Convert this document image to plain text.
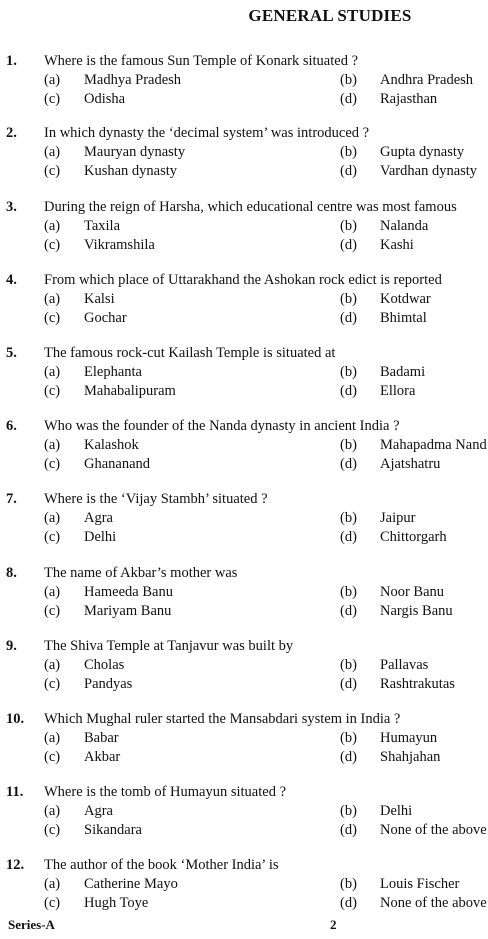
GENERAL STUDIES
1. Where is the famous Sun Temple of Konark situated ?
(a) Madhya Pradesh	(b) Andhra Pradesh
(c) Odisha	(d) Rajasthan
2. In which dynasty the ‘decimal system’ was introduced ?
(a) Mauryan dynasty	(b) Gupta dynasty
(c) Kushan dynasty	(d) Vardhan dynasty
3. During the reign of Harsha, which educational centre was most famous
(a) Taxila	(b) Nalanda
(c) Vikramshila	(d) Kashi
4. From which place of Uttarakhand the Ashokan rock edict is reported
(a) Kalsi	(b) Kotdwar
(c) Gochar	(d) Bhimtal
5. The famous rock-cut Kailash Temple is situated at
(a) Elephanta	(b) Badami
(c) Mahabalipuram	(d) Ellora
6. Who was the founder of the Nanda dynasty in ancient India ?
(a) Kalashok	(b) Mahapadma Nand
(c) Ghananand	(d) Ajatshatru
7. Where is the ‘Vijay Stambh’ situated ?
(a) Agra	(b) Jaipur
(c) Delhi	(d) Chittorgarh
8. The name of Akbar’s mother was
(a) Hameeda Banu	(b) Noor Banu
(c) Mariyam Banu	(d) Nargis Banu
9. The Shiva Temple at Tanjavur was built by
(a) Cholas	(b) Pallavas
(c) Pandyas	(d) Rashtrakutas
10. Which Mughal ruler started the Mansabdari system in India ?
(a) Babar	(b) Humayun
(c) Akbar	(d) Shahjahan
11. Where is the tomb of Humayun situated ?
(a) Agra	(b) Delhi
(c) Sikandara	(d) None of the above
12. The author of the book ‘Mother India’ is
(a) Catherine Mayo	(b) Louis Fischer
(c) Hugh Toye	(d) None of the above
Series-A	2
